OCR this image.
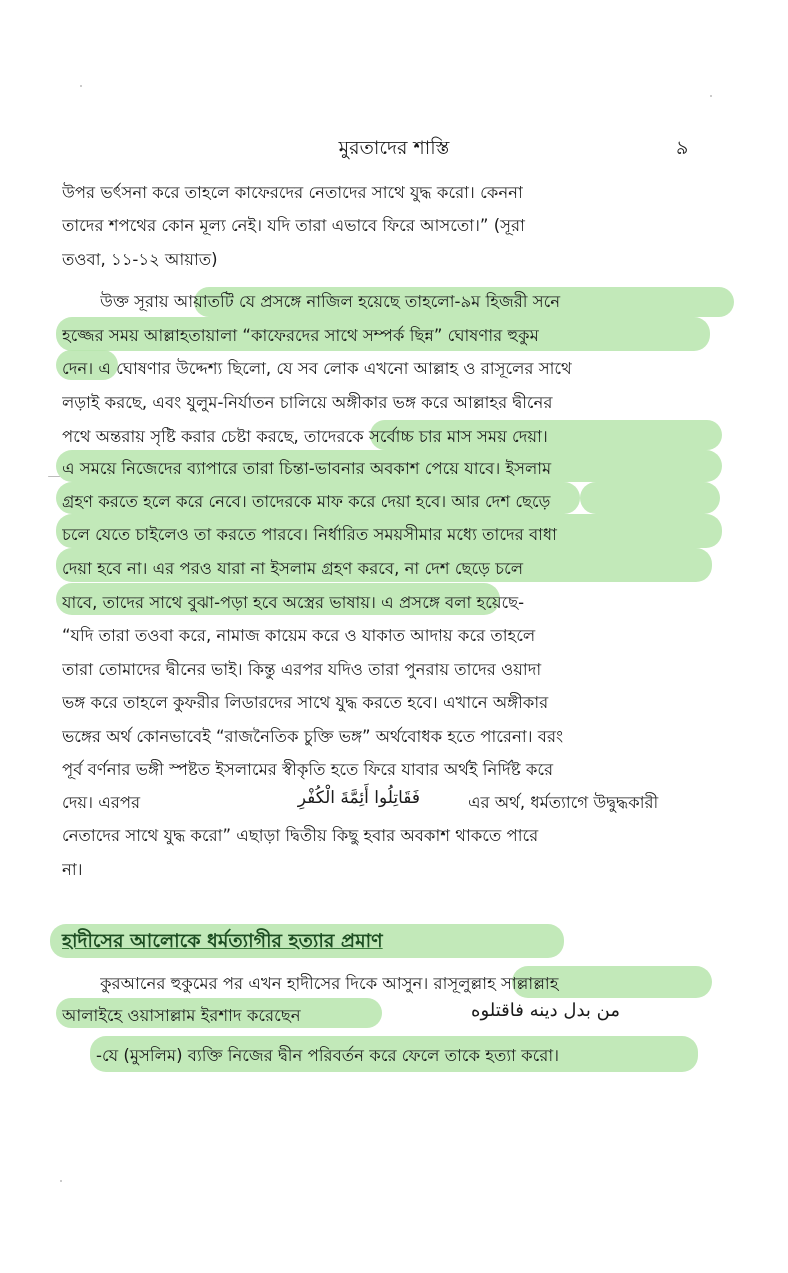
মুরতাদের শাস্তি	৯
উপর ভর্ৎসনা করে তাহলে কাফেরদের নেতাদের সাথে যুদ্ধ করো। কেননা
তাদের শপথের কোন মূল্য নেই। যদি তারা এভাবে ফিরে আসতো।” (সূরা
তওবা, ১১-১২ আয়াত)
উক্ত সূরায় আয়াতটি যে প্রসঙ্গে নাজিল হয়েছে তাহলো-৯ম হিজরী সনে
হজ্জের সময় আল্লাহতায়ালা “কাফেরদের সাথে সম্পর্ক ছিন্ন” ঘোষণার হুকুম
দেন। এ ঘোষণার উদ্দেশ্য ছিলো, যে সব লোক এখনো আল্লাহ ও রাসূলের সাথে
লড়াই করছে, এবং যুলুম-নির্যাতন চালিয়ে অঙ্গীকার ভঙ্গ করে আল্লাহর দ্বীনের
পথে অন্তরায় সৃষ্টি করার চেষ্টা করছে, তাদেরকে সর্বোচ্চ চার মাস সময় দেয়া।
এ সময়ে নিজেদের ব্যাপারে তারা চিন্তা-ভাবনার অবকাশ পেয়ে যাবে। ইসলাম
গ্রহণ করতে হলে করে নেবে। তাদেরকে মাফ করে দেয়া হবে। আর দেশ ছেড়ে
চলে যেতে চাইলেও তা করতে পারবে। নির্ধারিত সময়সীমার মধ্যে তাদের বাধা
দেয়া হবে না। এর পরও যারা না ইসলাম গ্রহণ করবে, না দেশ ছেড়ে চলে
যাবে, তাদের সাথে বুঝা-পড়া হবে অস্ত্রের ভাষায়। এ প্রসঙ্গে বলা হয়েছে-
“যদি তারা তওবা করে, নামাজ কায়েম করে ও যাকাত আদায় করে তাহলে
তারা তোমাদের দ্বীনের ভাই। কিন্তু এরপর যদিও তারা পুনরায় তাদের ওয়াদা
ভঙ্গ করে তাহলে কুফরীর লিডারদের সাথে যুদ্ধ করতে হবে। এখানে অঙ্গীকার
ভঙ্গের অর্থ কোনভাবেই “রাজনৈতিক চুক্তি ভঙ্গ” অর্থবোধক হতে পারেনা। বরং
পূর্ব বর্ণনার ভঙ্গী স্পষ্টত ইসলামের স্বীকৃতি হতে ফিরে যাবার অর্থই নির্দিষ্ট করে
দেয়। এরপর	فَقَاتِلُوا أَئِمَّةَ الْكُفْرِ	এর অর্থ, ধর্মত্যাগে উদ্বুদ্ধকারী
নেতাদের সাথে যুদ্ধ করো” এছাড়া দ্বিতীয় কিছু হবার অবকাশ থাকতে পারে
না।
হাদীসের আলোকে ধর্মত্যাগীর হত্যার প্রমাণ
কুরআনের হুকুমের পর এখন হাদীসের দিকে আসুন। রাসূলুল্লাহ সাল্লাল্লাহ
আলাইহে ওয়াসাল্লাম ইরশাদ করেছেন	من بدل دينه فاقتلوه
-যে (মুসলিম) ব্যক্তি নিজের দ্বীন পরিবর্তন করে ফেলে তাকে হত্যা করো।
